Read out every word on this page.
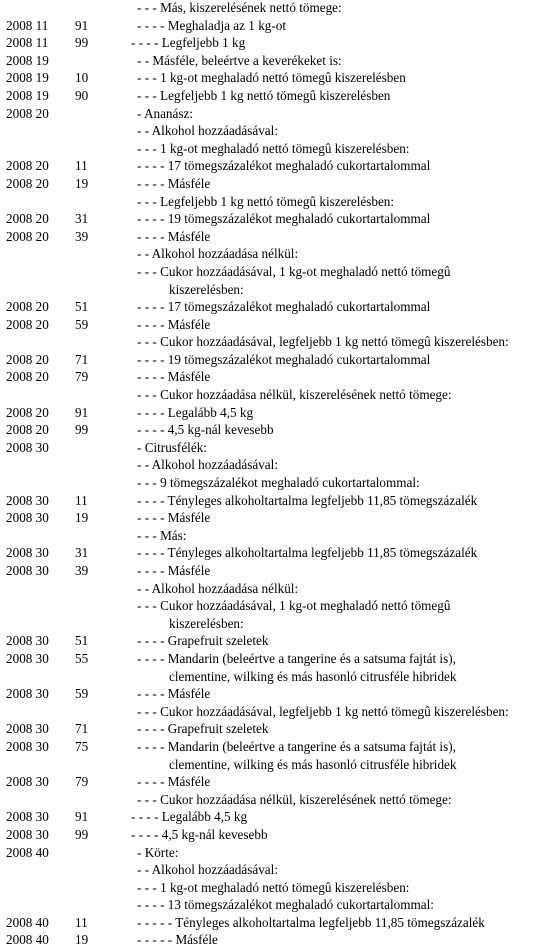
- - - Más, kiszerelésének nettó tömege:
2008 11 91	- - - - Meghaladja az 1 kg-ot
2008 11 99	- - - - Legfeljebb 1 kg
2008 19	- - Másféle, beleértve a keverékeket is:
2008 19 10	- - - 1 kg-ot meghaladó nettó tömegû kiszerelésben
2008 19 90	- - - Legfeljebb 1 kg nettó tömegû kiszerelésben
2008 20	- Ananász:
- - Alkohol hozzáadásával:
- - - 1 kg-ot meghaladó nettó tömegû kiszerelésben:
2008 20 11	- - - - 17 tömegszázalékot meghaladó cukortartalommal
2008 20 19	- - - - Másféle
- - - Legfeljebb 1 kg nettó tömegû kiszerelésben:
2008 20 31	- - - - 19 tömegszázalékot meghaladó cukortartalommal
2008 20 39	- - - - Másféle
- - Alkohol hozzáadása nélkül:
- - - Cukor hozzáadásával, 1 kg-ot meghaladó nettó tömegû
kiszerelésben:
2008 20 51	- - - - 17 tömegszázalékot meghaladó cukortartalommal
2008 20 59	- - - - Másféle
- - - Cukor hozzáadásával, legfeljebb 1 kg nettó tömegû kiszerelésben:
2008 20 71	- - - - 19 tömegszázalékot meghaladó cukortartalommal
2008 20 79	- - - - Másféle
- - - Cukor hozzáadása nélkül, kiszerelésének nettó tömege:
2008 20 91	- - - - Legalább 4,5 kg
2008 20 99	- - - - 4,5 kg-nál kevesebb
2008 30	- Citrusfélék:
- - Alkohol hozzáadásával:
- - - 9 tömegszázalékot meghaladó cukortartalommal:
2008 30 11	- - - - Tényleges alkoholtartalma legfeljebb 11,85 tömegszázalék
2008 30 19	- - - - Másféle
- - - Más:
2008 30 31	- - - - Tényleges alkoholtartalma legfeljebb 11,85 tömegszázalék
2008 30 39	- - - - Másféle
- - Alkohol hozzáadása nélkül:
- - - Cukor hozzáadásával, 1 kg-ot meghaladó nettó tömegû
kiszerelésben:
2008 30 51	- - - - Grapefruit szeletek
2008 30 55	- - - - Mandarin (beleértve a tangerine és a satsuma fajtát is),
clementine, wilking és más hasonló citrusféle hibridek
2008 30 59	- - - - Másféle
- - - Cukor hozzáadásával, legfeljebb 1 kg nettó tömegû kiszerelésben:
2008 30 71	- - - - Grapefruit szeletek
2008 30 75	- - - - Mandarin (beleértve a tangerine és a satsuma fajtát is),
clementine, wilking és más hasonló citrusféle hibridek
2008 30 79	- - - - Másféle
- - - Cukor hozzáadása nélkül, kiszerelésének nettó tömege:
2008 30 91	- - - - Legalább 4,5 kg
2008 30 99	- - - - 4,5 kg-nál kevesebb
2008 40	- Körte:
- - Alkohol hozzáadásával:
- - - 1 kg-ot meghaladó nettó tömegû kiszerelésben:
- - - - 13 tömegszázalékot meghaladó cukortartalommal:
2008 40 11	- - - - - Tényleges alkoholtartalma legfeljebb 11,85 tömegszázalék
2008 40 19	- - - - - Másféle
